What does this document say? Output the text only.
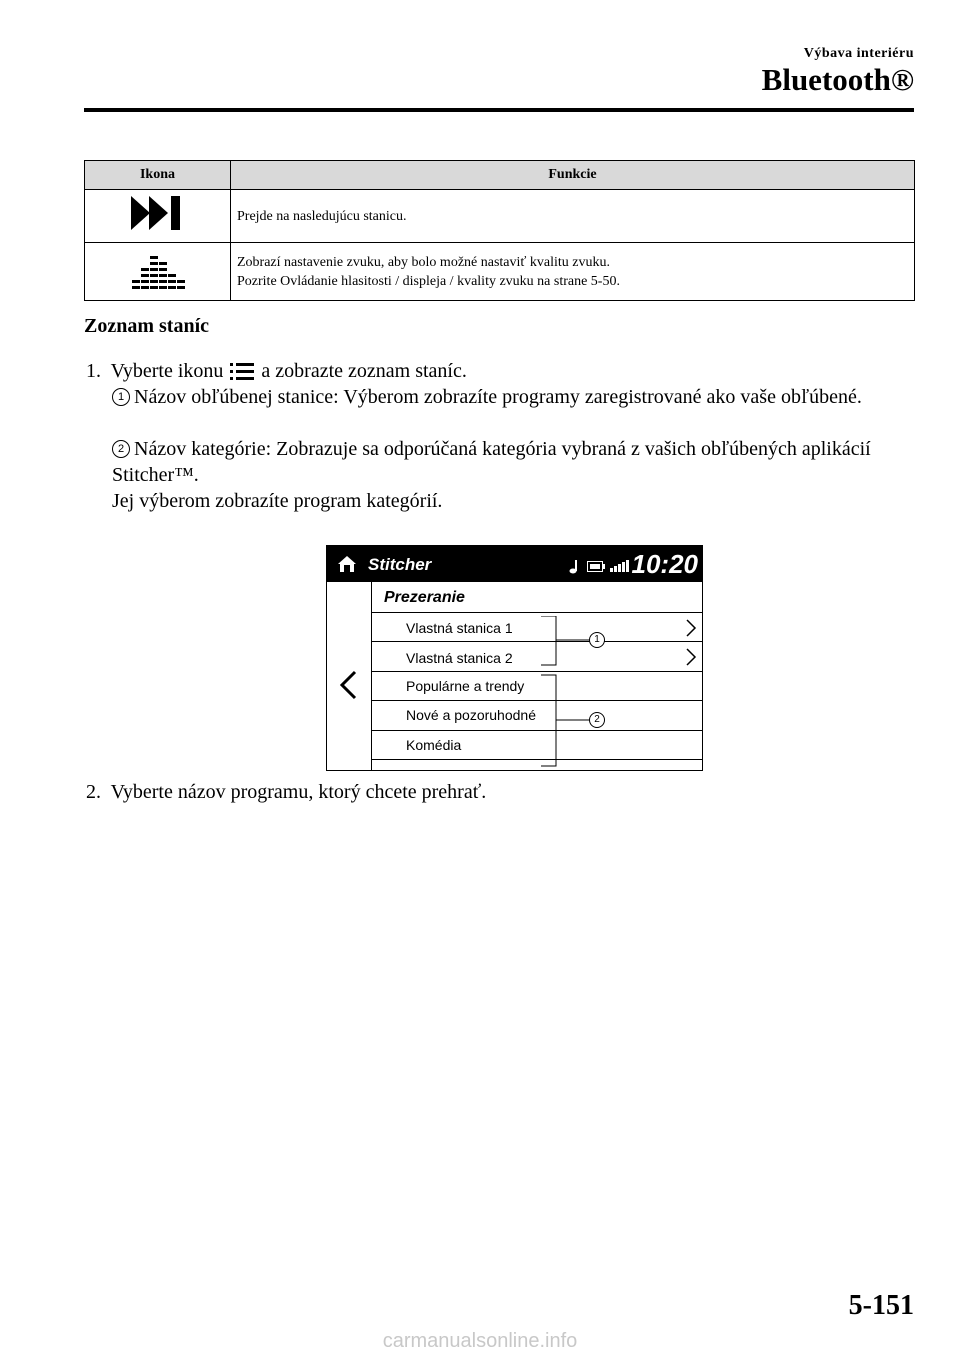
Výbava interiéru
Bluetooth®
Ikona	Funkcie
	Prejde na nasledujúcu stanicu.

Zobrazí nastavenie zvuku, aby bolo možné nastaviť kvalitu zvuku.
Pozrite Ovládanie hlasitosti / displeja / kvality zvuku na strane 5-50.
Zoznam staníc
1. Vyberte ikonu a zobrazte zoznam staníc.
1 Názov obľúbenej stanice: Výberom zobrazíte programy zaregistrované ako vaše obľúbené.
2 Názov kategórie: Zobrazuje sa odporúčaná kategória vybraná z vašich obľúbených aplikácií Stitcher™.
Jej výberom zobrazíte program kategórií.
Stitcher	10:20
Prezeranie
Vlastná stanica 1
Vlastná stanica 2
Populárne a trendy
Nové a pozoruhodné
Komédia
1
2
2. Vyberte názov programu, ktorý chcete prehrať.
5-151
carmanualsonline.info
